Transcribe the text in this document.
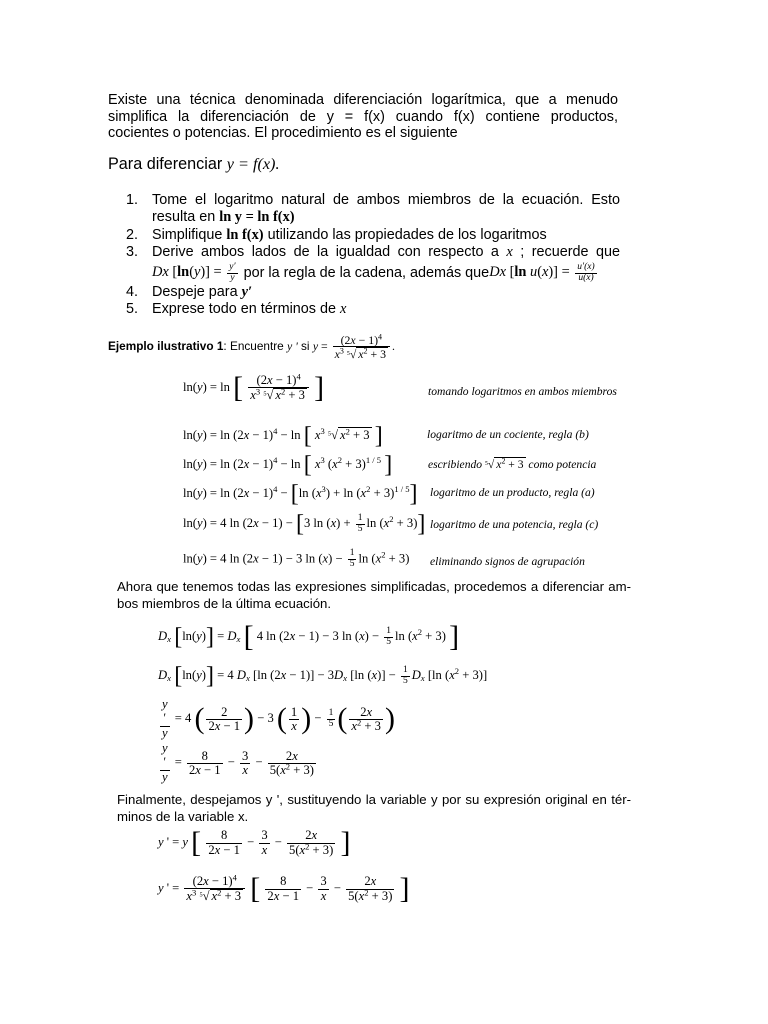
Existe una técnica denominada diferenciación logarítmica, que a menudo
simplifica la diferenciación de y = f(x) cuando f(x) contiene productos,
cocientes o potencias. El procedimiento es el siguiente
Para diferenciar y = f(x).
1. Tome el logaritmo natural de ambos miembros de la ecuación. Esto
resulta en ln y = ln f(x)
2. Simplifique ln f(x) utilizando las propiedades de los logaritmos
3. Derive ambos lados de la igualdad con respecto a x ; recuerde que
Dx $[\ln(y)] = \frac{y'}{y}$ por la regla de la cadena, además queDx [ln $u(x)] = \frac{u'(x)}{u(x)}$
4. Despeje para y′
5. Exprese todo en términos de x
Ejemplo ilustrativo 1: Encuentre y ' si $y = \frac{(2x - 1)^4}{x^3 ^5√ x^2 + 3}$ .
ln(y) = ln [ $\frac{(2x - 1)^4}{x^3 ^5√ x^2 + 3}$ ]	tomando logaritmos en ambos miembros
$\ln(y) = \ln (2x - 1)^4 - \ln$ [ $x^3$ $^5$√ $x^2 + 3$ ]	logaritmo de un cociente, regla (b)
$\ln(y) = \ln (2x - 1)^4 - \ln$ [ $x^3$ $(x^2 + 3)^{1 / 5}$ ]	escribiendo $^5$√ $x^2 + 3$ como potencia
$\ln(y) = \ln (2x - 1)^4 - [\ln$ $(x^3) + \ln (x^2 + 3)^{1 / 5}$] logaritmo de un producto, regla (a)
ln(y) = 4 ln (2x − 1) − [3 $\ln (x) + \frac{1}{5}$ $\ln (x^2 + 3)$] logaritmo de una potencia, regla (c)
ln(y) = 4 ln (2x − 1) − 3 $\ln (x) - \frac{1}{5}$ $\ln (x^2 + 3)$ eliminando signos de agrupación
Ahora que tenemos todas las expresiones simplificadas, procedemos a diferenciar am-
bos miembros de la última ecuación.
$D_x$ $[\ln(y)] = D_x$ [ 4 ln (2x − 1) − 3 $\ln (x) - \frac{1}{5}$ $\ln (x^2 + 3)$ ]
$D_x$ [ln(y)] = 4 $D_x$ [ln $(2x - 1)] - 3D_x$ [ln $(x)] - \frac{1}{5} D_x$ [ln $(x^2 + 3)$]
y
′
y
= 4 ( $\frac{2}{2x - 1}$ ) − 3 ( $\frac{1}{x}$ ) − $\frac{1}{5}$ ( $\frac{2x}{x^2 + 3}$ )
y
′
y
= $\frac{8}{2x - 1} - \frac{3}{x} - \frac{2x}{5(x^2 + 3)}$
Finalmente, despejamos y ', sustituyendo la variable y por su expresión original en tér-
minos de la variable x.
y ' = y [ $\frac{8}{2x - 1} - \frac{3}{x} - \frac{2x}{5(x^2 + 3)}$ ]
y ' = $\frac{(2x - 1)^4}{x^3 ^5√ x^2 + 3}$ [ $\frac{8}{2x - 1} - \frac{3}{x} - \frac{2x}{5(x^2 + 3)}$ ]
